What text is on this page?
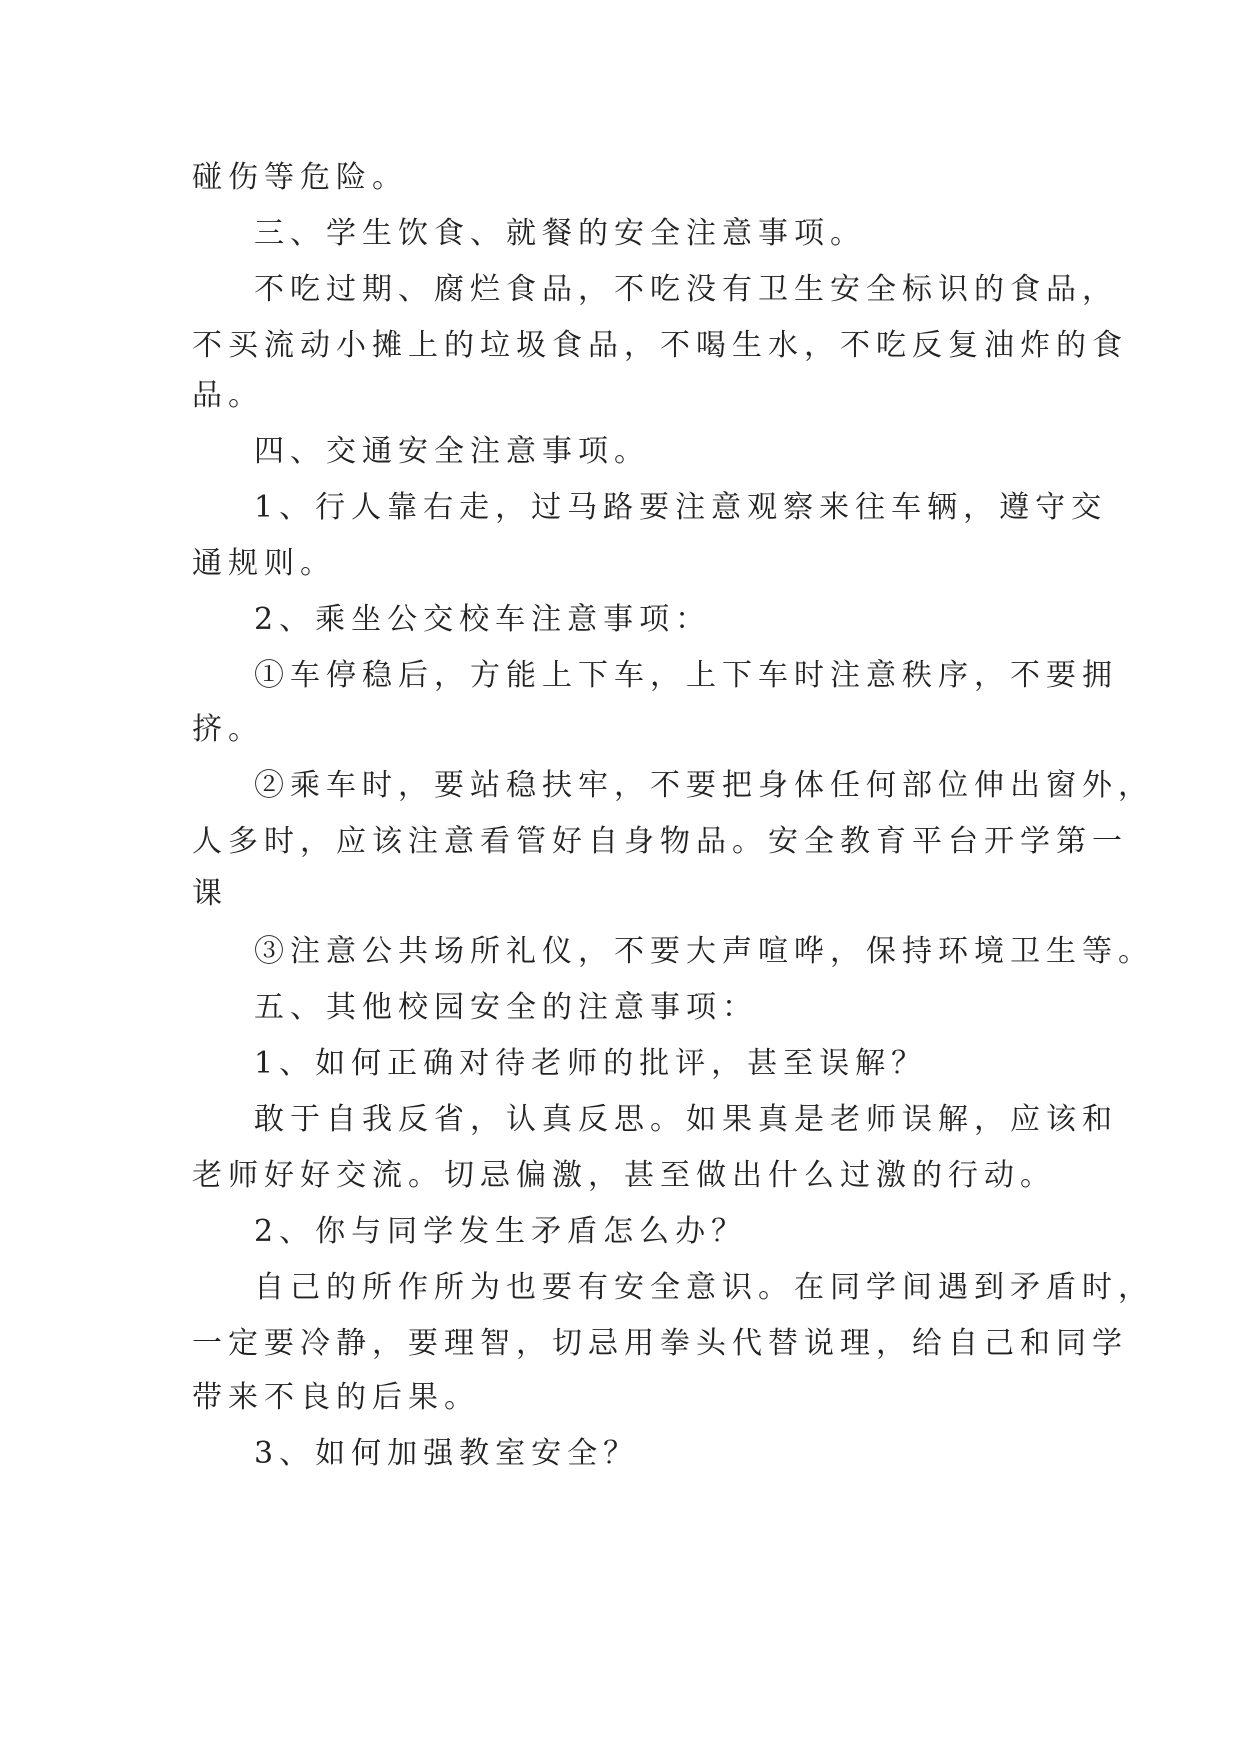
碰伤等危险。
三、学生饮食、就餐的安全注意事项。
不吃过期、腐烂食品，不吃没有卫生安全标识的食品，
不买流动小摊上的垃圾食品，不喝生水，不吃反复油炸的食
品。
四、交通安全注意事项。
1、行人靠右走，过马路要注意观察来往车辆，遵守交
通规则。
2、乘坐公交校车注意事项：
①车停稳后，方能上下车，上下车时注意秩序，不要拥
挤。
②乘车时，要站稳扶牢，不要把身体任何部位伸出窗外，
人多时，应该注意看管好自身物品。安全教育平台开学第一
课
③注意公共场所礼仪，不要大声喧哗，保持环境卫生等。
五、其他校园安全的注意事项：
1、如何正确对待老师的批评，甚至误解？
敢于自我反省，认真反思。如果真是老师误解，应该和
老师好好交流。切忌偏激，甚至做出什么过激的行动。
2、你与同学发生矛盾怎么办？
自己的所作所为也要有安全意识。在同学间遇到矛盾时，
一定要冷静，要理智，切忌用拳头代替说理，给自己和同学
带来不良的后果。
3、如何加强教室安全？
